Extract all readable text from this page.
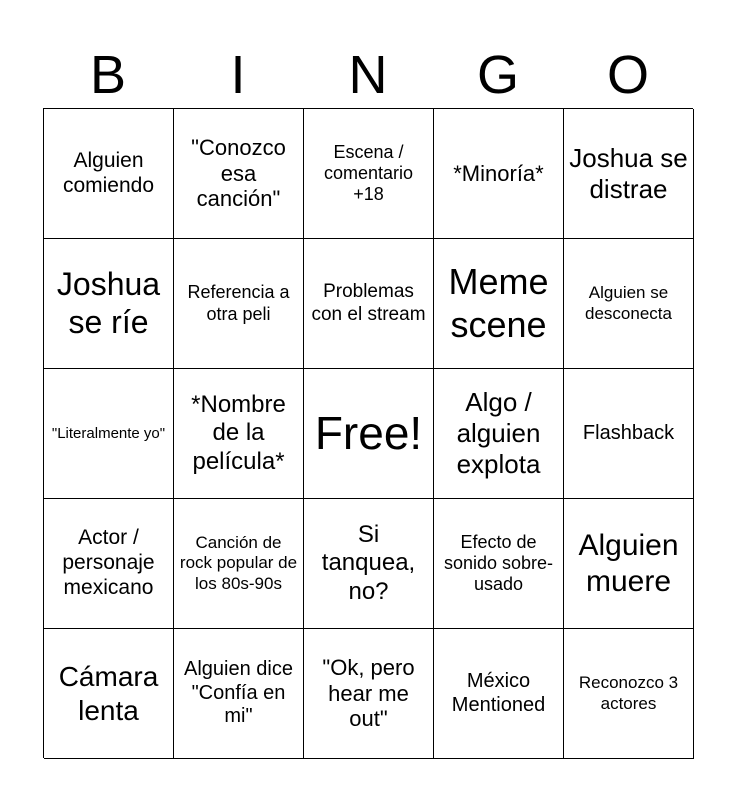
B	I	N	G	O
Alguien comiendo
"Conozco esa canción"
Escena / comentario +18
*Minoría*
Joshua se distrae
Joshua se ríe
Referencia a otra peli
Problemas con el stream
Meme scene
Alguien se desconecta
"Literalmente yo"
*Nombre de la película*
Free!
Algo / alguien explota
Flashback
Actor / personaje mexicano
Canción de rock popular de los 80s-90s
Si tanquea, no?
Efecto de sonido sobre-usado
Alguien muere
Cámara lenta
Alguien dice "Confía en mi"
"Ok, pero hear me out"
México Mentioned
Reconozco 3 actores
